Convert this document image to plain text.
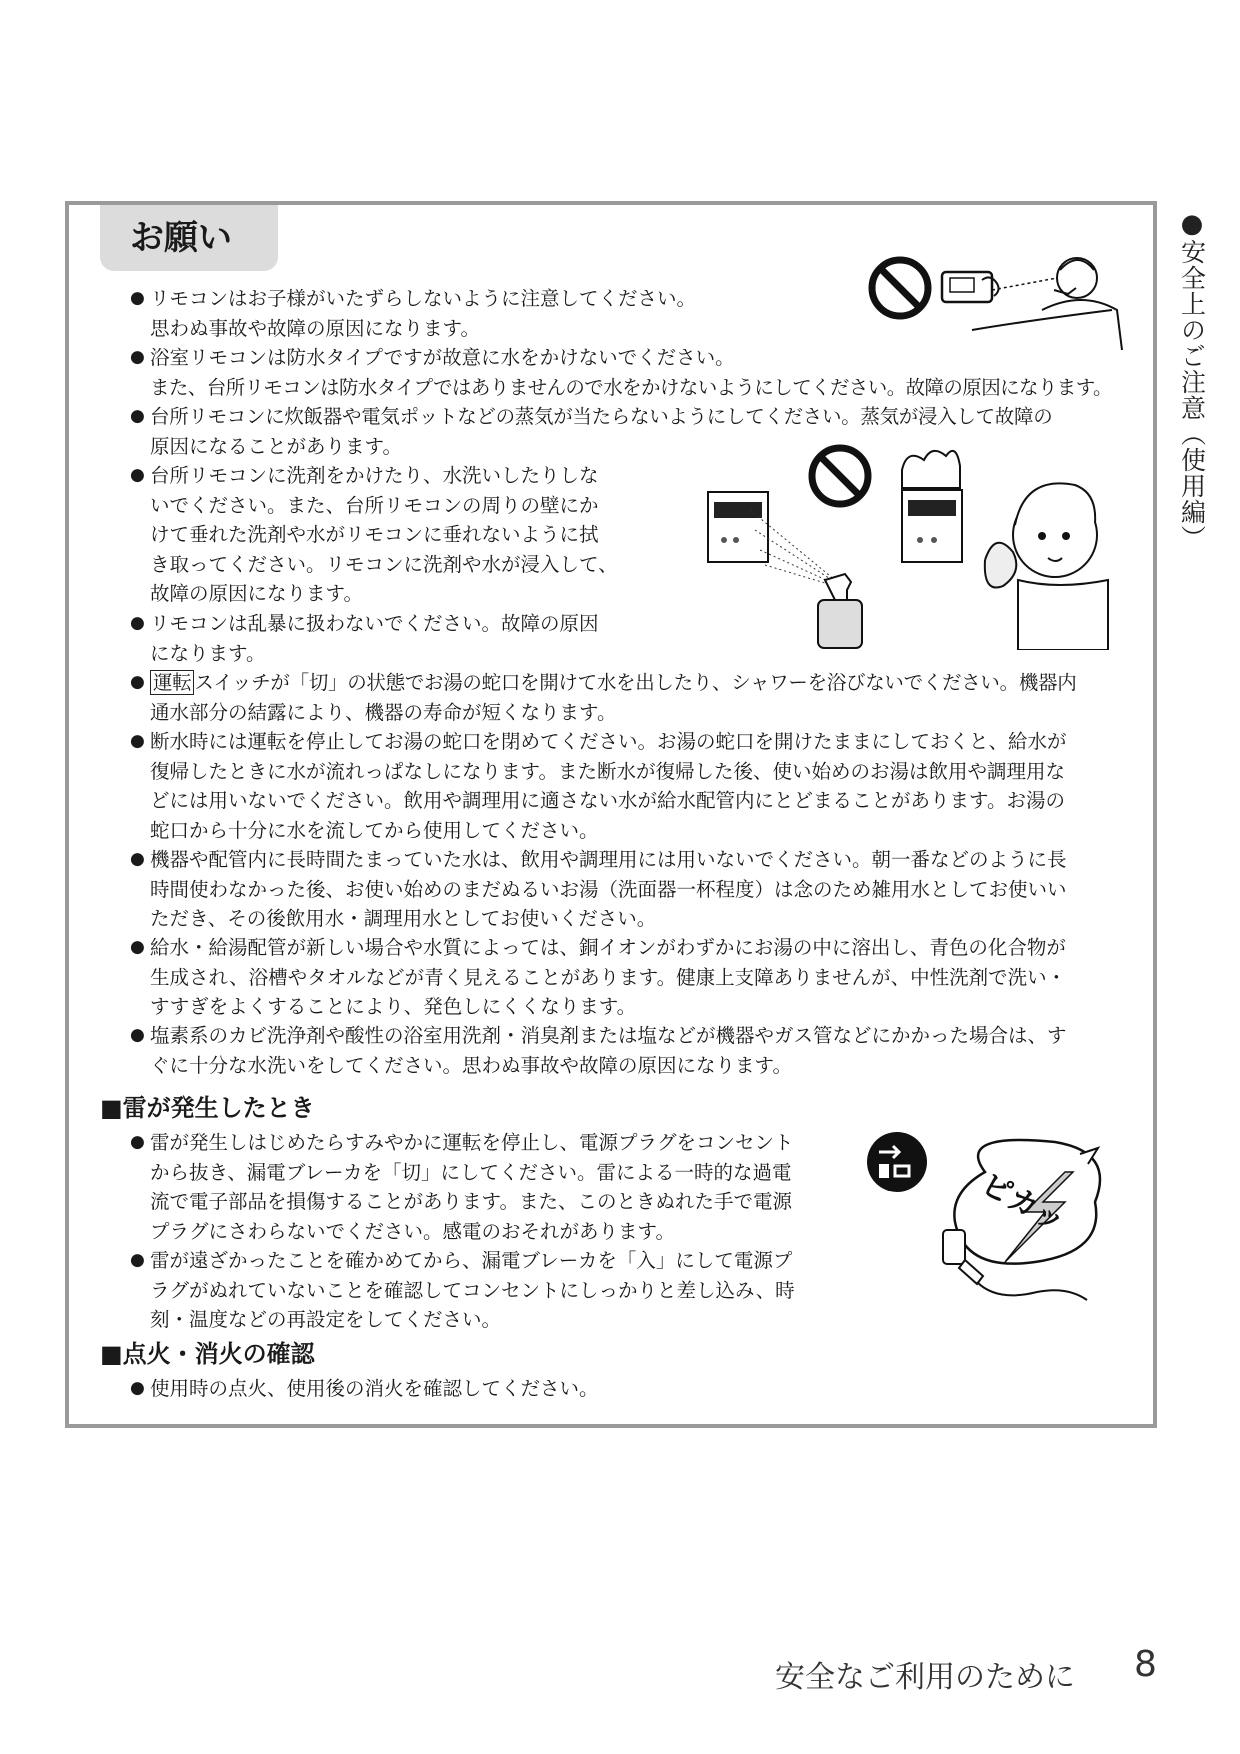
●
安全上のご注意（使用編）
お願い

● リモコンはお子様がいたずらしないように注意してください。

思わぬ事故や故障の原因になります。

● 浴室リモコンは防水タイプですが故意に水をかけないでください。

また、台所リモコンは防水タイプではありませんので水をかけないようにしてください。故障の原因になります。

● 台所リモコンに炊飯器や電気ポットなどの蒸気が当たらないようにしてください。蒸気が浸入して故障の

原因になることがあります。

● 台所リモコンに洗剤をかけたり、水洗いしたりしな

いでください。また、台所リモコンの周りの壁にか

けて垂れた洗剤や水がリモコンに垂れないように拭

き取ってください。リモコンに洗剤や水が浸入して、

故障の原因になります。

● リモコンは乱暴に扱わないでください。故障の原因

になります。

● 運転 スイッチが「切」の状態でお湯の蛇口を開けて水を出したり、シャワーを浴びないでください。機器内

通水部分の結露により、機器の寿命が短くなります。

● 断水時には運転を停止してお湯の蛇口を閉めてください。お湯の蛇口を開けたままにしておくと、給水が

復帰したときに水が流れっぱなしになります。また断水が復帰した後、使い始めのお湯は飲用や調理用な

どには用いないでください。飲用や調理用に適さない水が給水配管内にとどまることがあります。お湯の

蛇口から十分に水を流してから使用してください。

● 機器や配管内に長時間たまっていた水は、飲用や調理用には用いないでください。朝一番などのように長

時間使わなかった後、お使い始めのまだぬるいお湯（洗面器一杯程度）は念のため雑用水としてお使いい

ただき、その後飲用水・調理用水としてお使いください。

● 給水・給湯配管が新しい場合や水質によっては、銅イオンがわずかにお湯の中に溶出し、青色の化合物が

生成され、浴槽やタオルなどが青く見えることがあります。健康上支障ありませんが、中性洗剤で洗い・

すすぎをよくすることにより、発色しにくくなります。

● 塩素系のカビ洗浄剤や酸性の浴室用洗剤・消臭剤または塩などが機器やガス管などにかかった場合は、す

ぐに十分な水洗いをしてください。思わぬ事故や故障の原因になります。

■雷が発生したとき

● 雷が発生しはじめたらすみやかに運転を停止し、電源プラグをコンセント

から抜き、漏電ブレーカを「切」にしてください。雷による一時的な過電

流で電子部品を損傷することがあります。また、このときぬれた手で電源

プラグにさわらないでください。感電のおそれがあります。

● 雷が遠ざかったことを確かめてから、漏電ブレーカを「入」にして電源プ

ラグがぬれていないことを確認してコンセントにしっかりと差し込み、時

刻・温度などの再設定をしてください。

■点火・消火の確認

● 使用時の点火、使用後の消火を確認してください。

ピカッ
安全なご利用のために 8
